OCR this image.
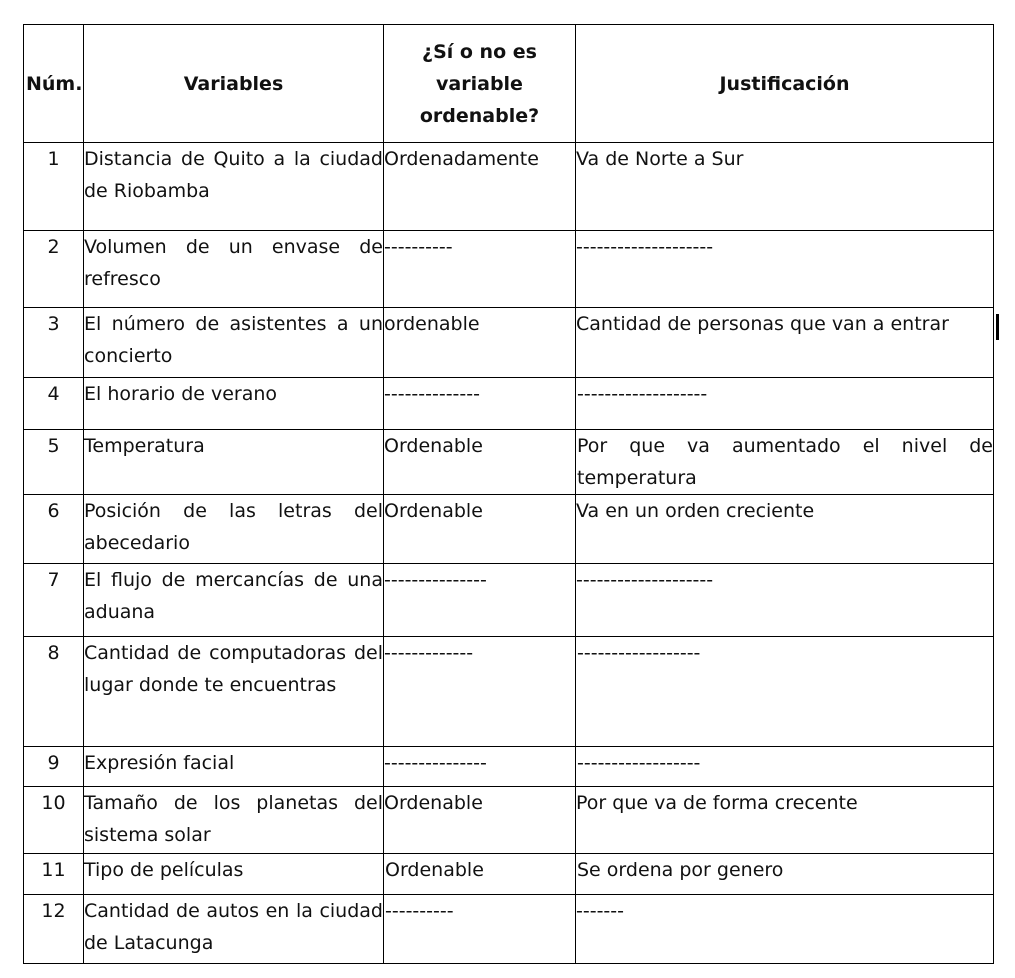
Núm.	Variables	¿Sí o no es variable ordenable?	Justificación
1	Distancia de Quito a la ciudad de Riobamba	Ordenadamente	Va de Norte a Sur
2	Volumen de un envase de refresco	----------	--------------------
3	El número de asistentes a un concierto	ordenable	Cantidad de personas que van a entrar
4	El horario de verano	--------------	-------------------
5	Temperatura	Ordenable	Por que va aumentado el nivel de temperatura
6	Posición de las letras del abecedario	Ordenable	Va en un orden creciente
7	El flujo de mercancías de una aduana	---------------	--------------------
8	Cantidad de computadoras del lugar donde te encuentras	-------------	------------------
9	Expresión facial	---------------	------------------
10	Tamaño de los planetas del sistema solar	Ordenable	Por que va de forma crecente
11	Tipo de películas	Ordenable	Se ordena por genero
12	Cantidad de autos en la ciudad de Latacunga	----------	-------
